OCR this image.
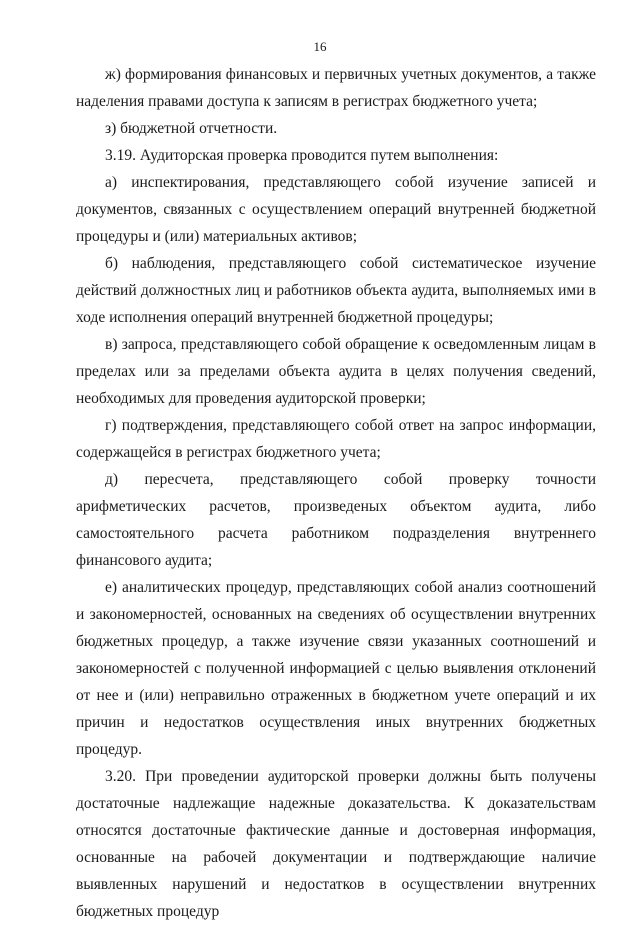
16

ж) формирования финансовых и первичных учетных документов, а также наделения правами доступа к записям в регистрах бюджетного учета;

з) бюджетной отчетности.

3.19. Аудиторская проверка проводится путем выполнения:

а) инспектирования, представляющего собой изучение записей и документов, связанных с осуществлением операций внутренней бюджетной процедуры и (или) материальных активов;

б) наблюдения, представляющего собой систематическое изучение действий должностных лиц и работников объекта аудита, выполняемых ими в ходе исполнения операций внутренней бюджетной процедуры;

в) запроса, представляющего собой обращение к осведомленным лицам в пределах или за пределами объекта аудита в целях получения сведений, необходимых для проведения аудиторской проверки;

г) подтверждения, представляющего собой ответ на запрос информации, содержащейся в регистрах бюджетного учета;

д) пересчета, представляющего собой проверку точности арифметических расчетов, произведеных объектом аудита, либо самостоятельного расчета работником подразделения внутреннего финансового аудита;

е) аналитических процедур, представляющих собой анализ соотношений и закономерностей, основанных на сведениях об осуществлении внутренних бюджетных процедур, а также изучение связи указанных соотношений и закономерностей с полученной информацией с целью выявления отклонений от нее и (или) неправильно отраженных в бюджетном учете операций и их причин и недостатков осуществления иных внутренних бюджетных процедур.

3.20. При проведении аудиторской проверки должны быть получены достаточные надлежащие надежные доказательства. К доказательствам относятся достаточные фактические данные и достоверная информация, основанные на рабочей документации и подтверждающие наличие выявленных нарушений и недостатков в осуществлении внутренних бюджетных процедур
